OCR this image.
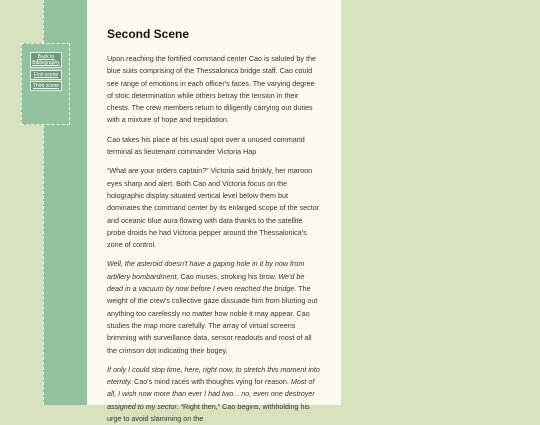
Back to Bibliography
First scene
Third scene
Second Scene

Upon reaching the fortified command center Cao is saluted by the blue suits comprising of the Thessalonica bridge staff. Cao could see range of emotions in each officer's faces. The varying degree of stoic determination while others betray the tension in their chests. The crew members return to diligently carrying out duties with a mixture of hope and trepidation.

Cao takes his place at his usual spot over a unused command terminal as lieutenant commander Victoria Hap

“What are your orders captain?” Victoria said briskly, her maroon eyes sharp and alert. Both Cao and Victoria focus on the holographic display situated vertical level below them but dominates the command center by its enlarged scope of the sector and oceanic blue aura flowing with data thanks to the satellite probe droids he had Victoria pepper around the Thessalonica's zone of control.

Well, the asteroid doesn't have a gaping hole in it by now from artillery bombardment, Cao muses, stroking his brow. We'd be dead in a vacuum by now before I even reached the bridge. The weight of the crew's collective gaze dissuade him from blurting out anything too carelessly no matter how noble it may appear. Cao studies the map more carefully. The array of virtual screens brimming with surveillance data, sensor readouts and most of all the crimson dot indicating their bogey.

If only I could stop time, here, right now, to stretch this moment into eternity. Cao's mind races with thoughts vying for reason. Most of all, I wish now more than ever I had two... no, even one destroyer assigned to my sector. “Right then,” Cao begins, withholding his urge to avoid slamming on the
